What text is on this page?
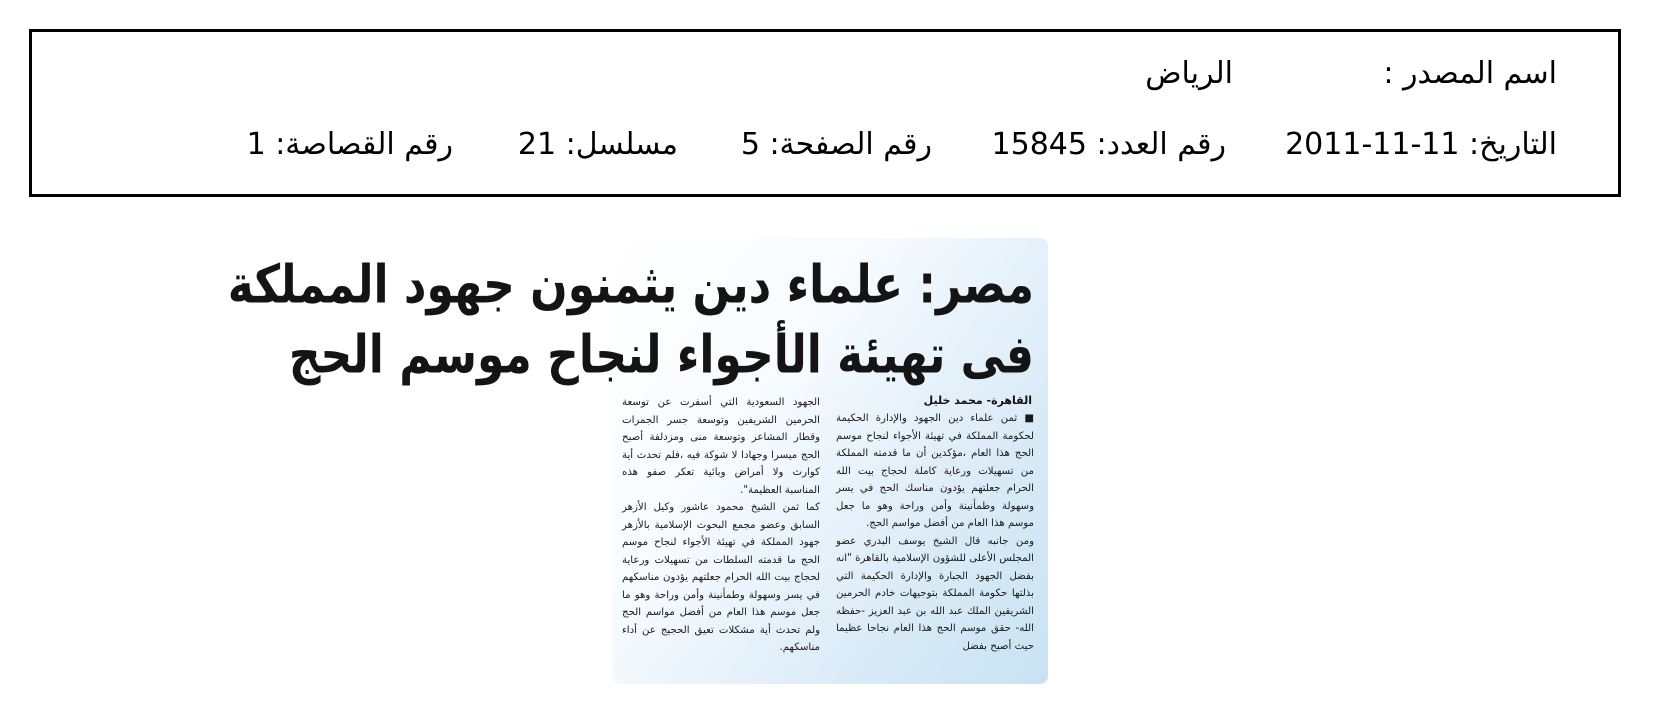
اسم المصدر :
الرياض
التاريخ: 11-11-2011
رقم العدد: 15845
رقم الصفحة: 5
مسلسل: 21
رقم القصاصة: 1
مصر: علماء دين يثمنون جهود المملكة
فى تهيئة الأجواء لنجاح موسم الحج
القاهرة- محمد خليل

■ ثمن علماء دين الجهود والإدارة الحكيمة لحكومة المملكة في تهيئة الأجواء لنجاح موسم الحج هذا العام ،مؤكدين أن ما قدمته المملكة من تسهيلات ورعاية كاملة لحجاج بيت الله الحرام جعلتهم يؤدون مناسك الحج في يسر وسهولة وطمأنينة وأمن وراحة وهو ما جعل موسم هذا العام من أفضل مواسم الحج.

ومن جانبه قال الشيخ يوسف البدري عضو المجلس الأعلى للشؤون الإسلامية بالقاهرة "انه بفضل الجهود الجبارة والإدارة الحكيمة التي بذلتها حكومة المملكة بتوجيهات خادم الحرمين الشريفين الملك عبد الله بن عبد العزيز -حفظه الله- حقق موسم الحج هذا العام نجاحا عظيما حيث أصبح بفضل

الجهود السعودية التي أسفرت عن توسعة الحرمين الشريفين وتوسعة جسر الجمرات وقطار المشاعر وتوسعة منى ومزدلفة أصبح الحج ميسرا وجهادا لا شوكة فيه ،فلم تحدث أية كوارث ولا أمراض وبائية تعكر صفو هذه المناسبة العظيمة".

كما ثمن الشيخ محمود عاشور وكيل الأزهر السابق وعضو مجمع البحوث الإسلامية بالأزهر جهود المملكة في تهيئة الأجواء لنجاح موسم الحج ما قدمته السلطات من تسهيلات ورعاية لحجاج بيت الله الحرام جعلتهم يؤدون مناسكهم في يسر وسهولة وطمأنينة وأمن وراحة وهو ما جعل موسم هذا العام من أفضل مواسم الحج ولم تحدث أية مشكلات تعيق الحجيج عن أداء مناسكهم.
